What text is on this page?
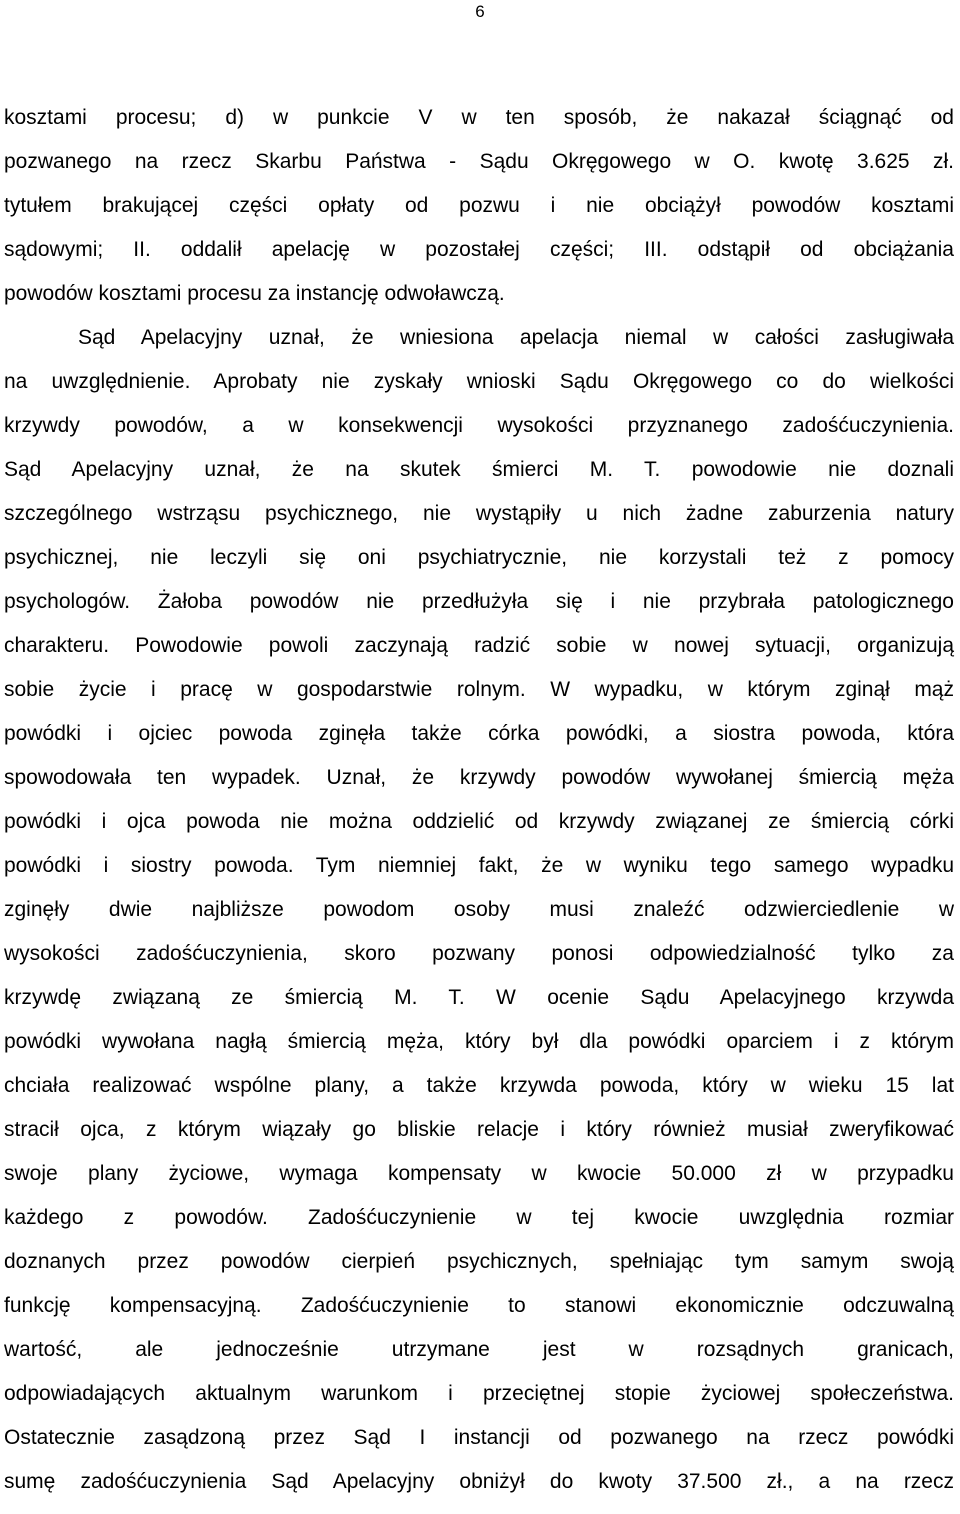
6
kosztami procesu; d) w punkcie V w ten sposób, że nakazał ściągnąć od
pozwanego na rzecz Skarbu Państwa - Sądu Okręgowego w O. kwotę 3.625 zł.
tytułem brakującej części opłaty od pozwu i nie obciążył powodów kosztami
sądowymi; II. oddalił apelację w pozostałej części; III. odstąpił od obciążania
powodów kosztami procesu za instancję odwoławczą.
Sąd Apelacyjny uznał, że wniesiona apelacja niemal w całości zasługiwała
na uwzględnienie. Aprobaty nie zyskały wnioski Sądu Okręgowego co do wielkości
krzywdy powodów, a w konsekwencji wysokości przyznanego zadośćuczynienia.
Sąd Apelacyjny uznał, że na skutek śmierci M. T. powodowie nie doznali
szczególnego wstrząsu psychicznego, nie wystąpiły u nich żadne zaburzenia natury
psychicznej, nie leczyli się oni psychiatrycznie, nie korzystali też z pomocy
psychologów. Żałoba powodów nie przedłużyła się i nie przybrała patologicznego
charakteru. Powodowie powoli zaczynają radzić sobie w nowej sytuacji, organizują
sobie życie i pracę w gospodarstwie rolnym. W wypadku, w którym zginął mąż
powódki i ojciec powoda zginęła także córka powódki, a siostra powoda, która
spowodowała ten wypadek. Uznał, że krzywdy powodów wywołanej śmiercią męża
powódki i ojca powoda nie można oddzielić od krzywdy związanej ze śmiercią córki
powódki i siostry powoda. Tym niemniej fakt, że w wyniku tego samego wypadku
zginęły dwie najbliższe powodom osoby musi znaleźć odzwierciedlenie w
wysokości zadośćuczynienia, skoro pozwany ponosi odpowiedzialność tylko za
krzywdę związaną ze śmiercią M. T. W ocenie Sądu Apelacyjnego krzywda
powódki wywołana nagłą śmiercią męża, który był dla powódki oparciem i z którym
chciała realizować wspólne plany, a także krzywda powoda, który w wieku 15 lat
stracił ojca, z którym wiązały go bliskie relacje i który również musiał zweryfikować
swoje plany życiowe, wymaga kompensaty w kwocie 50.000 zł w przypadku
każdego z powodów. Zadośćuczynienie w tej kwocie uwzględnia rozmiar
doznanych przez powodów cierpień psychicznych, spełniając tym samym swoją
funkcję kompensacyjną. Zadośćuczynienie to stanowi ekonomicznie odczuwalną
wartość, ale jednocześnie utrzymane jest w rozsądnych granicach,
odpowiadających aktualnym warunkom i przeciętnej stopie życiowej społeczeństwa.
Ostatecznie zasądzoną przez Sąd I instancji od pozwanego na rzecz powódki
sumę zadośćuczynienia Sąd Apelacyjny obniżył do kwoty 37.500 zł., a na rzecz
